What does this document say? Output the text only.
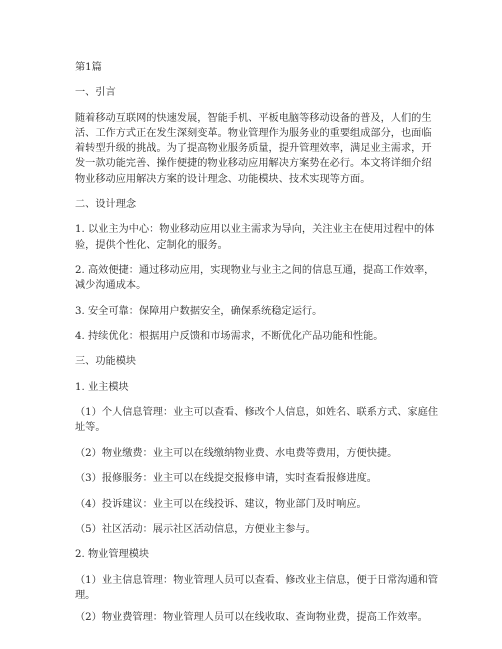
第1篇

一、引言

随着移动互联网的快速发展，智能手机、平板电脑等移动设备的普及，人们的生活、工作方式正在发生深刻变革。物业管理作为服务业的重要组成部分，也面临着转型升级的挑战。为了提高物业服务质量，提升管理效率，满足业主需求，开发一款功能完善、操作便捷的物业移动应用解决方案势在必行。本文将详细介绍物业移动应用解决方案的设计理念、功能模块、技术实现等方面。

二、设计理念

1. 以业主为中心：物业移动应用以业主需求为导向，关注业主在使用过程中的体验，提供个性化、定制化的服务。

2. 高效便捷：通过移动应用，实现物业与业主之间的信息互通，提高工作效率，减少沟通成本。

3. 安全可靠：保障用户数据安全，确保系统稳定运行。

4. 持续优化：根据用户反馈和市场需求，不断优化产品功能和性能。

三、功能模块

1. 业主模块

（1）个人信息管理：业主可以查看、修改个人信息，如姓名、联系方式、家庭住址等。

（2）物业缴费：业主可以在线缴纳物业费、水电费等费用，方便快捷。

（3）报修服务：业主可以在线提交报修申请，实时查看报修进度。

（4）投诉建议：业主可以在线投诉、建议，物业部门及时响应。

（5）社区活动：展示社区活动信息，方便业主参与。

2. 物业管理模块

（1）业主信息管理：物业管理人员可以查看、修改业主信息，便于日常沟通和管理。

（2）物业费管理：物业管理人员可以在线收取、查询物业费，提高工作效率。
